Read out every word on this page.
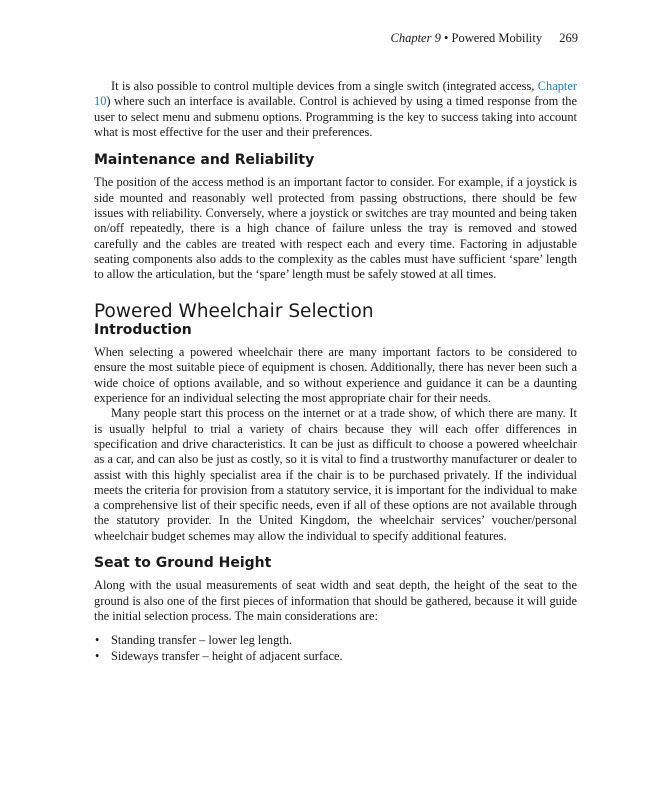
Chapter 9 • Powered Mobility 269

It is also possible to control multiple devices from a single switch (integrated access, Chapter 10) where such an interface is available. Control is achieved by using a timed response from the user to select menu and submenu options. Programming is the key to success taking into account what is most effective for the user and their preferences.

Maintenance and Reliability

The position of the access method is an important factor to consider. For example, if a joystick is side mounted and reasonably well protected from passing obstructions, there should be few issues with reliability. Conversely, where a joystick or switches are tray mounted and being taken on/off repeatedly, there is a high chance of failure unless the tray is removed and stowed carefully and the cables are treated with respect each and every time. Factoring in adjustable seating components also adds to the complexity as the cables must have sufficient ‘spare’ length to allow the articulation, but the ‘spare’ length must be safely stowed at all times.

Powered Wheelchair Selection
Introduction

When selecting a powered wheelchair there are many important factors to be considered to ensure the most suitable piece of equipment is chosen. Additionally, there has never been such a wide choice of options available, and so without experience and guidance it can be a daunting experience for an individual selecting the most appropriate chair for their needs.

Many people start this process on the internet or at a trade show, of which there are many. It is usually helpful to trial a variety of chairs because they will each offer differences in specification and drive characteristics. It can be just as difficult to choose a powered wheelchair as a car, and can also be just as costly, so it is vital to find a trustworthy manufacturer or dealer to assist with this highly specialist area if the chair is to be purchased privately. If the individual meets the criteria for provision from a statutory service, it is important for the individual to make a comprehensive list of their specific needs, even if all of these options are not available through the statutory provider. In the United Kingdom, the wheelchair services’ voucher/personal wheelchair budget schemes may allow the individual to specify additional features.

Seat to Ground Height

Along with the usual measurements of seat width and seat depth, the height of the seat to the ground is also one of the first pieces of information that should be gathered, because it will guide the initial selection process. The main considerations are:

• Standing transfer – lower leg length.
• Sideways transfer – height of adjacent surface.
